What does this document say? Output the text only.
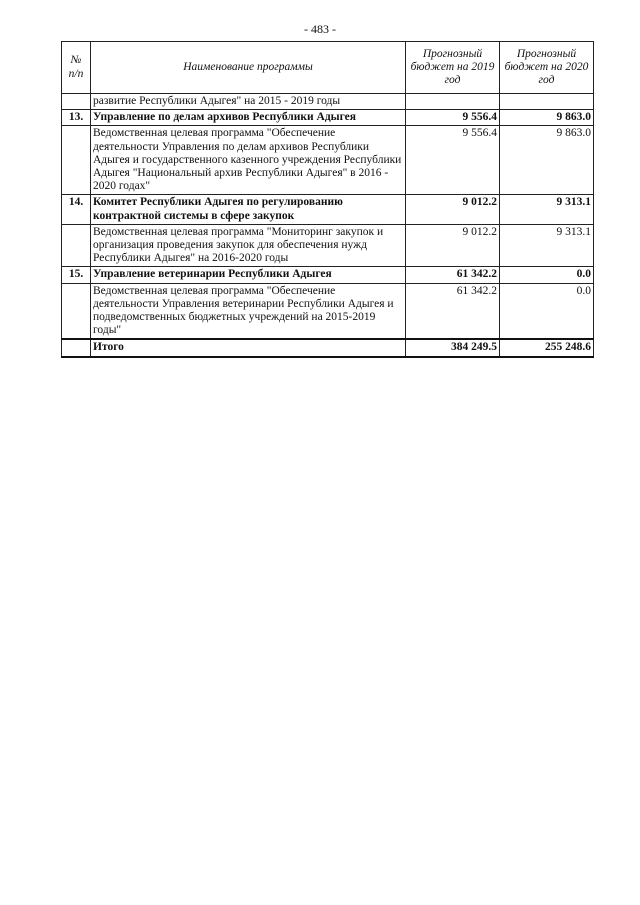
- 483 -
№
п/п	Наименование программы	Прогнозный бюджет на 2019 год	Прогнозный бюджет на 2020 год
	развитие Республики Адыгея" на 2015 - 2019 годы		
13.	Управление по делам архивов Республики Адыгея	9 556.4	9 863.0
	Ведомственная целевая программа "Обеспечение деятельности Управления по делам архивов Республики Адыгея и государственного казенного учреждения Республики Адыгея "Национальный архив Республики Адыгея" в 2016 - 2020 годах"	9 556.4	9 863.0
14.	Комитет Республики Адыгея по регулированию контрактной системы в сфере закупок	9 012.2	9 313.1
	Ведомственная целевая программа "Мониторинг закупок и организация проведения закупок для обеспечения нужд Республики Адыгея" на 2016-2020 годы	9 012.2	9 313.1
15.	Управление ветеринарии Республики Адыгея	61 342.2	0.0
	Ведомственная целевая программа "Обеспечение деятельности Управления ветеринарии Республики Адыгея и подведомственных бюджетных учреждений на 2015-2019 годы"	61 342.2	0.0
	Итого	384 249.5	255 248.6
